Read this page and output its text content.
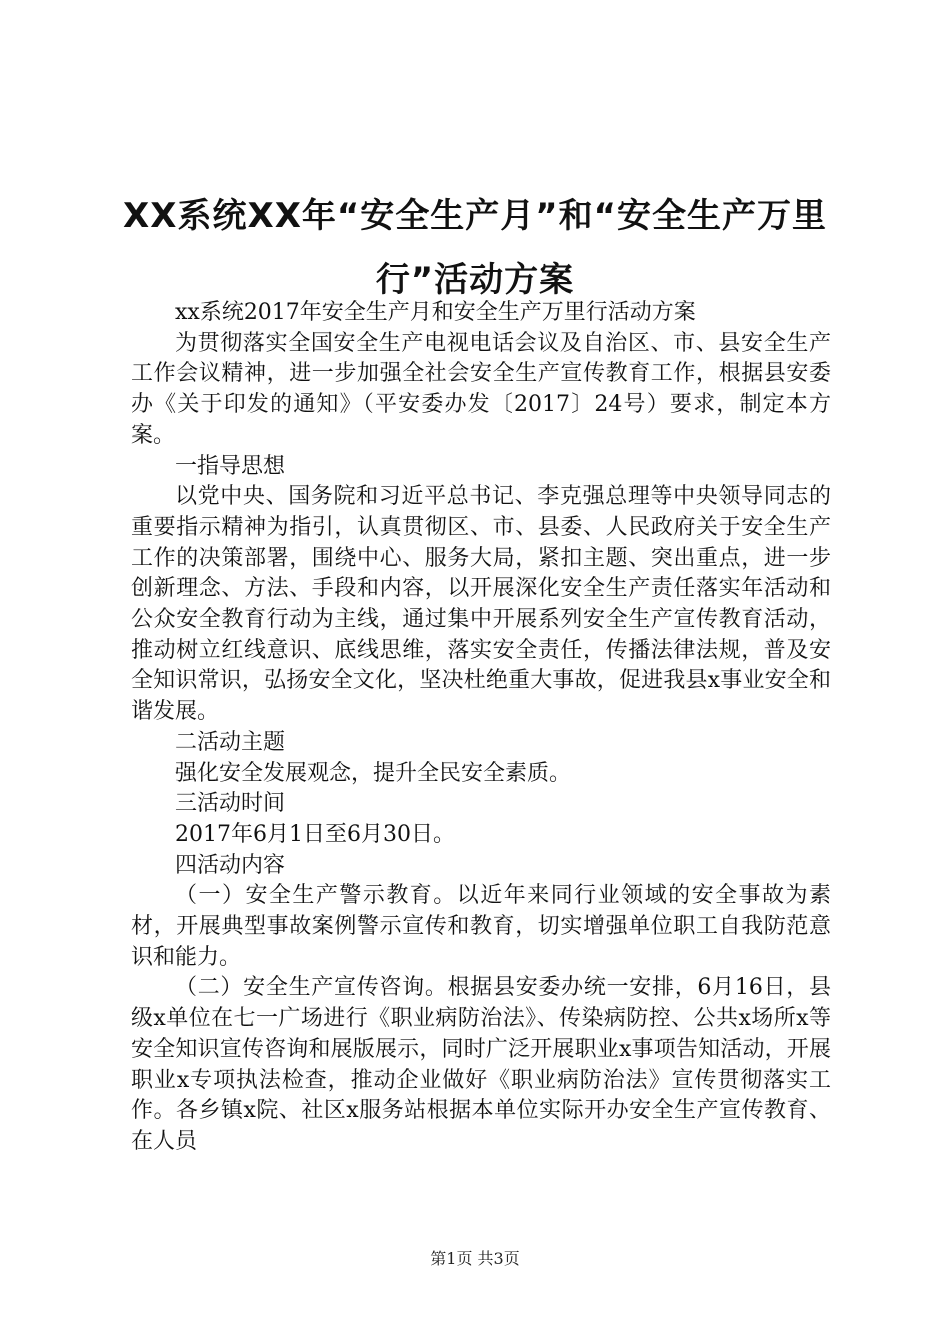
XX系统XX年“安全生产月”和“安全生产万里行”活动方案

xx系统2017年安全生产月和安全生产万里行活动方案

为贯彻落实全国安全生产电视电话会议及自治区、市、县安全生产工作会议精神，进一步加强全社会安全生产宣传教育工作，根据县安委办《关于印发的通知》（平安委办发〔2017〕24号）要求，制定本方案。

一指导思想

以党中央、国务院和习近平总书记、李克强总理等中央领导同志的重要指示精神为指引，认真贯彻区、市、县委、人民政府关于安全生产工作的决策部署，围绕中心、服务大局，紧扣主题、突出重点，进一步创新理念、方法、手段和内容，以开展深化安全生产责任落实年活动和公众安全教育行动为主线，通过集中开展系列安全生产宣传教育活动，推动树立红线意识、底线思维，落实安全责任，传播法律法规，普及安全知识常识，弘扬安全文化，坚决杜绝重大事故，促进我县x事业安全和谐发展。

二活动主题

强化安全发展观念，提升全民安全素质。

三活动时间

2017年6月1日至6月30日。

四活动内容

（一）安全生产警示教育。以近年来同行业领域的安全事故为素材，开展典型事故案例警示宣传和教育，切实增强单位职工自我防范意识和能力。

（二）安全生产宣传咨询。根据县安委办统一安排，6月16日，县级x单位在七一广场进行《职业病防治法》、传染病防控、公共x场所x等安全知识宣传咨询和展版展示，同时广泛开展职业x事项告知活动，开展职业x专项执法检查，推动企业做好《职业病防治法》宣传贯彻落实工作。各乡镇x院、社区x服务站根据本单位实际开办安全生产宣传教育、在人员

第1页 共3页
